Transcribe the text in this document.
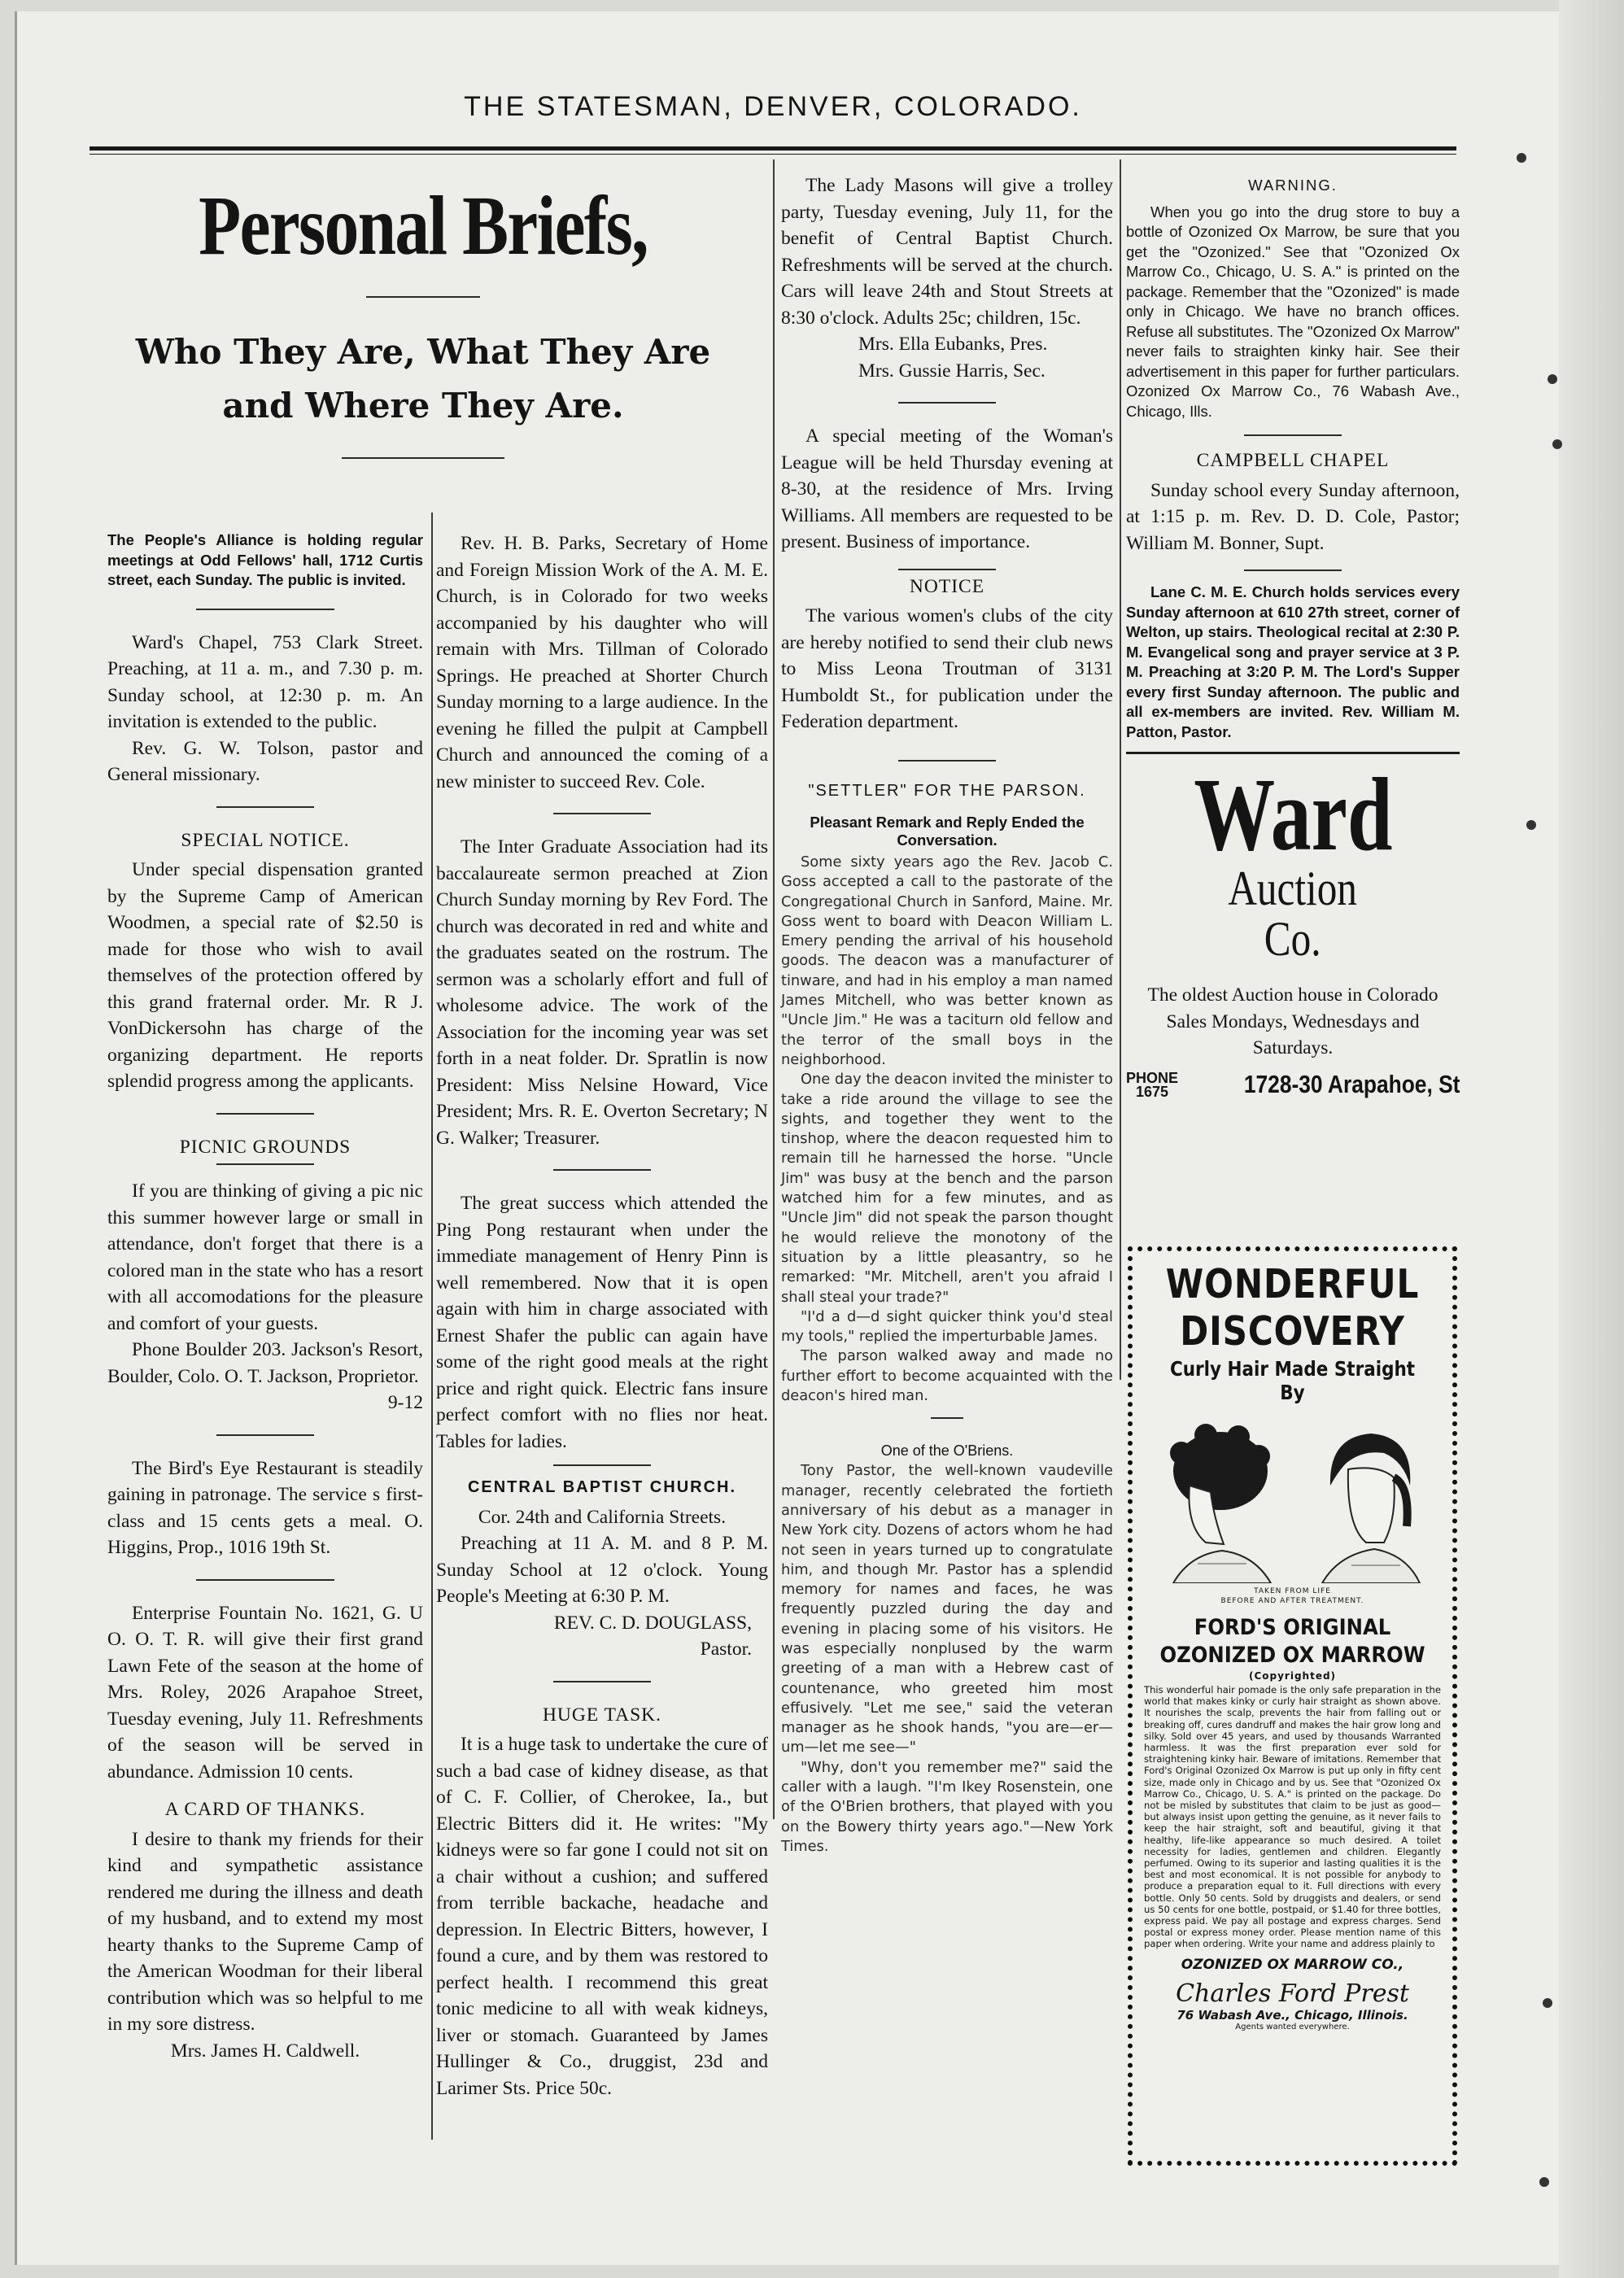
THE STATESMAN, DENVER, COLORADO.
Personal Briefs,
Who They Are, What They Are
and Where They Are.

The People's Alliance is holding regular meetings at Odd Fellows' hall, 1712 Curtis street, each Sunday. The public is invited.

Ward's Chapel, 753 Clark Street. Preaching, at 11 a. m., and 7.30 p. m. Sunday school, at 12:30 p. m. An invitation is extended to the public.

Rev. G. W. Tolson, pastor and General missionary.

SPECIAL NOTICE.

Under special dispensation granted by the Supreme Camp of American Woodmen, a special rate of $2.50 is made for those who wish to avail themselves of the protection offered by this grand fraternal order. Mr. R J. VonDickersohn has charge of the organizing department. He reports splendid progress among the applicants.

PICNIC GROUNDS

If you are thinking of giving a pic nic this summer however large or small in attendance, don't forget that there is a colored man in the state who has a resort with all accomodations for the pleasure and comfort of your guests.

Phone Boulder 203. Jackson's Resort, Boulder, Colo. O. T. Jackson, Proprietor.

9-12

The Bird's Eye Restaurant is steadily gaining in patronage. The service s first-class and 15 cents gets a meal. O. Higgins, Prop., 1016 19th St.

Enterprise Fountain No. 1621, G. U O. O. T. R. will give their first grand Lawn Fete of the season at the home of Mrs. Roley, 2026 Arapahoe Street, Tuesday evening, July 11. Refreshments of the season will be served in abundance. Admission 10 cents.

A CARD OF THANKS.

I desire to thank my friends for their kind and sympathetic assistance rendered me during the illness and death of my husband, and to extend my most hearty thanks to the Supreme Camp of the American Woodman for their liberal contribution which was so helpful to me in my sore distress.

Mrs. James H. Caldwell.

Rev. H. B. Parks, Secretary of Home and Foreign Mission Work of the A. M. E. Church, is in Colorado for two weeks accompanied by his daughter who will remain with Mrs. Tillman of Colorado Springs. He preached at Shorter Church Sunday morning to a large audience. In the evening he filled the pulpit at Campbell Church and announced the coming of a new minister to succeed Rev. Cole.

The Inter Graduate Association had its baccalaureate sermon preached at Zion Church Sunday morning by Rev Ford. The church was decorated in red and white and the graduates seated on the rostrum. The sermon was a scholarly effort and full of wholesome advice. The work of the Association for the incoming year was set forth in a neat folder. Dr. Spratlin is now President: Miss Nelsine Howard, Vice President; Mrs. R. E. Overton Secretary; N G. Walker; Treasurer.

The great success which attended the Ping Pong restaurant when under the immediate management of Henry Pinn is well remembered. Now that it is open again with him in charge associated with Ernest Shafer the public can again have some of the right good meals at the right price and right quick. Electric fans insure perfect comfort with no flies nor heat. Tables for ladies.

CENTRAL BAPTIST CHURCH.

Cor. 24th and California Streets.

Preaching at 11 A. M. and 8 P. M. Sunday School at 12 o'clock. Young People's Meeting at 6:30 P. M.

REV. C. D. DOUGLASS,

Pastor.

HUGE TASK.

It is a huge task to undertake the cure of such a bad case of kidney disease, as that of C. F. Collier, of Cherokee, Ia., but Electric Bitters did it. He writes: "My kidneys were so far gone I could not sit on a chair without a cushion; and suffered from terrible backache, headache and depression. In Electric Bitters, however, I found a cure, and by them was restored to perfect health. I recommend this great tonic medicine to all with weak kidneys, liver or stomach. Guaranteed by James Hullinger & Co., druggist, 23d and Larimer Sts. Price 50c.

The Lady Masons will give a trolley party, Tuesday evening, July 11, for the benefit of Central Baptist Church. Refreshments will be served at the church. Cars will leave 24th and Stout Streets at 8:30 o'clock. Adults 25c; children, 15c.

Mrs. Ella Eubanks, Pres.

Mrs. Gussie Harris, Sec.

A special meeting of the Woman's League will be held Thursday evening at 8-30, at the residence of Mrs. Irving Williams. All members are requested to be present. Business of importance.

NOTICE

The various women's clubs of the city are hereby notified to send their club news to Miss Leona Troutman of 3131 Humboldt St., for publication under the Federation department.

"SETTLER" FOR THE PARSON.
Pleasant Remark and Reply Ended the Conversation.

Some sixty years ago the Rev. Jacob C. Goss accepted a call to the pastorate of the Congregational Church in Sanford, Maine. Mr. Goss went to board with Deacon William L. Emery pending the arrival of his household goods. The deacon was a manufacturer of tinware, and had in his employ a man named James Mitchell, who was better known as "Uncle Jim." He was a taciturn old fellow and the terror of the small boys in the neighborhood.

One day the deacon invited the minister to take a ride around the village to see the sights, and together they went to the tinshop, where the deacon requested him to remain till he harnessed the horse. "Uncle Jim" was busy at the bench and the parson watched him for a few minutes, and as "Uncle Jim" did not speak the parson thought he would relieve the monotony of the situation by a little pleasantry, so he remarked: "Mr. Mitchell, aren't you afraid I shall steal your trade?"

"I'd a d—d sight quicker think you'd steal my tools," replied the imperturbable James.

The parson walked away and made no further effort to become acquainted with the deacon's hired man.

One of the O'Briens.

Tony Pastor, the well-known vaudeville manager, recently celebrated the fortieth anniversary of his debut as a manager in New York city. Dozens of actors whom he had not seen in years turned up to congratulate him, and though Mr. Pastor has a splendid memory for names and faces, he was frequently puzzled during the day and evening in placing some of his visitors. He was especially nonplused by the warm greeting of a man with a Hebrew cast of countenance, who greeted him most effusively. "Let me see," said the veteran manager as he shook hands, "you are—er—um—let me see—"

"Why, don't you remember me?" said the caller with a laugh. "I'm Ikey Rosenstein, one of the O'Brien brothers, that played with you on the Bowery thirty years ago."—New York Times.

WARNING.

When you go into the drug store to buy a bottle of Ozonized Ox Marrow, be sure that you get the "Ozonized." See that "Ozonized Ox Marrow Co., Chicago, U. S. A." is printed on the package. Remember that the "Ozonized" is made only in Chicago. We have no branch offices. Refuse all substitutes. The "Ozonized Ox Marrow" never fails to straighten kinky hair. See their advertisement in this paper for further particulars. Ozonized Ox Marrow Co., 76 Wabash Ave., Chicago, Ills.

CAMPBELL CHAPEL

Sunday school every Sunday afternoon, at 1:15 p. m. Rev. D. D. Cole, Pastor; William M. Bonner, Supt.

Lane C. M. E. Church holds services every Sunday afternoon at 610 27th street, corner of Welton, up stairs. Theological recital at 2:30 P. M. Evangelical song and prayer service at 3 P. M. Preaching at 3:20 P. M. The Lord's Supper every first Sunday afternoon. The public and all ex-members are invited. Rev. William M. Patton, Pastor.

Ward Auction
Co.

The oldest Auction house in Colorado

Sales Mondays, Wednesdays and Saturdays.

PHONE
1675	1728-30 Arapahoe, St
WONDERFUL
DISCOVERY
Curly Hair Made Straight By
TAKEN FROM LIFE
BEFORE AND AFTER TREATMENT.
FORD'S ORIGINAL
OZONIZED OX MARROW
(Copyrighted)

This wonderful hair pomade is the only safe preparation in the world that makes kinky or curly hair straight as shown above. It nourishes the scalp, prevents the hair from falling out or breaking off, cures dandruff and makes the hair grow long and silky. Sold over 45 years, and used by thousands Warranted harmless. It was the first preparation ever sold for straightening kinky hair. Beware of imitations. Remember that Ford's Original Ozonized Ox Marrow is put up only in fifty cent size, made only in Chicago and by us. See that "Ozonized Ox Marrow Co., Chicago, U. S. A." is printed on the package. Do not be misled by substitutes that claim to be just as good—but always insist upon getting the genuine, as it never fails to keep the hair straight, soft and beautiful, giving it that healthy, life-like appearance so much desired. A toilet necessity for ladies, gentlemen and children. Elegantly perfumed. Owing to its superior and lasting qualities it is the best and most economical. It is not possible for anybody to produce a preparation equal to it. Full directions with every bottle. Only 50 cents. Sold by druggists and dealers, or send us 50 cents for one bottle, postpaid, or $1.40 for three bottles, express paid. We pay all postage and express charges. Send postal or express money order. Please mention name of this paper when ordering. Write your name and address plainly to

OZONIZED OX MARROW CO.,
Charles Ford Prest
76 Wabash Ave., Chicago, Illinois.
Agents wanted everywhere.
